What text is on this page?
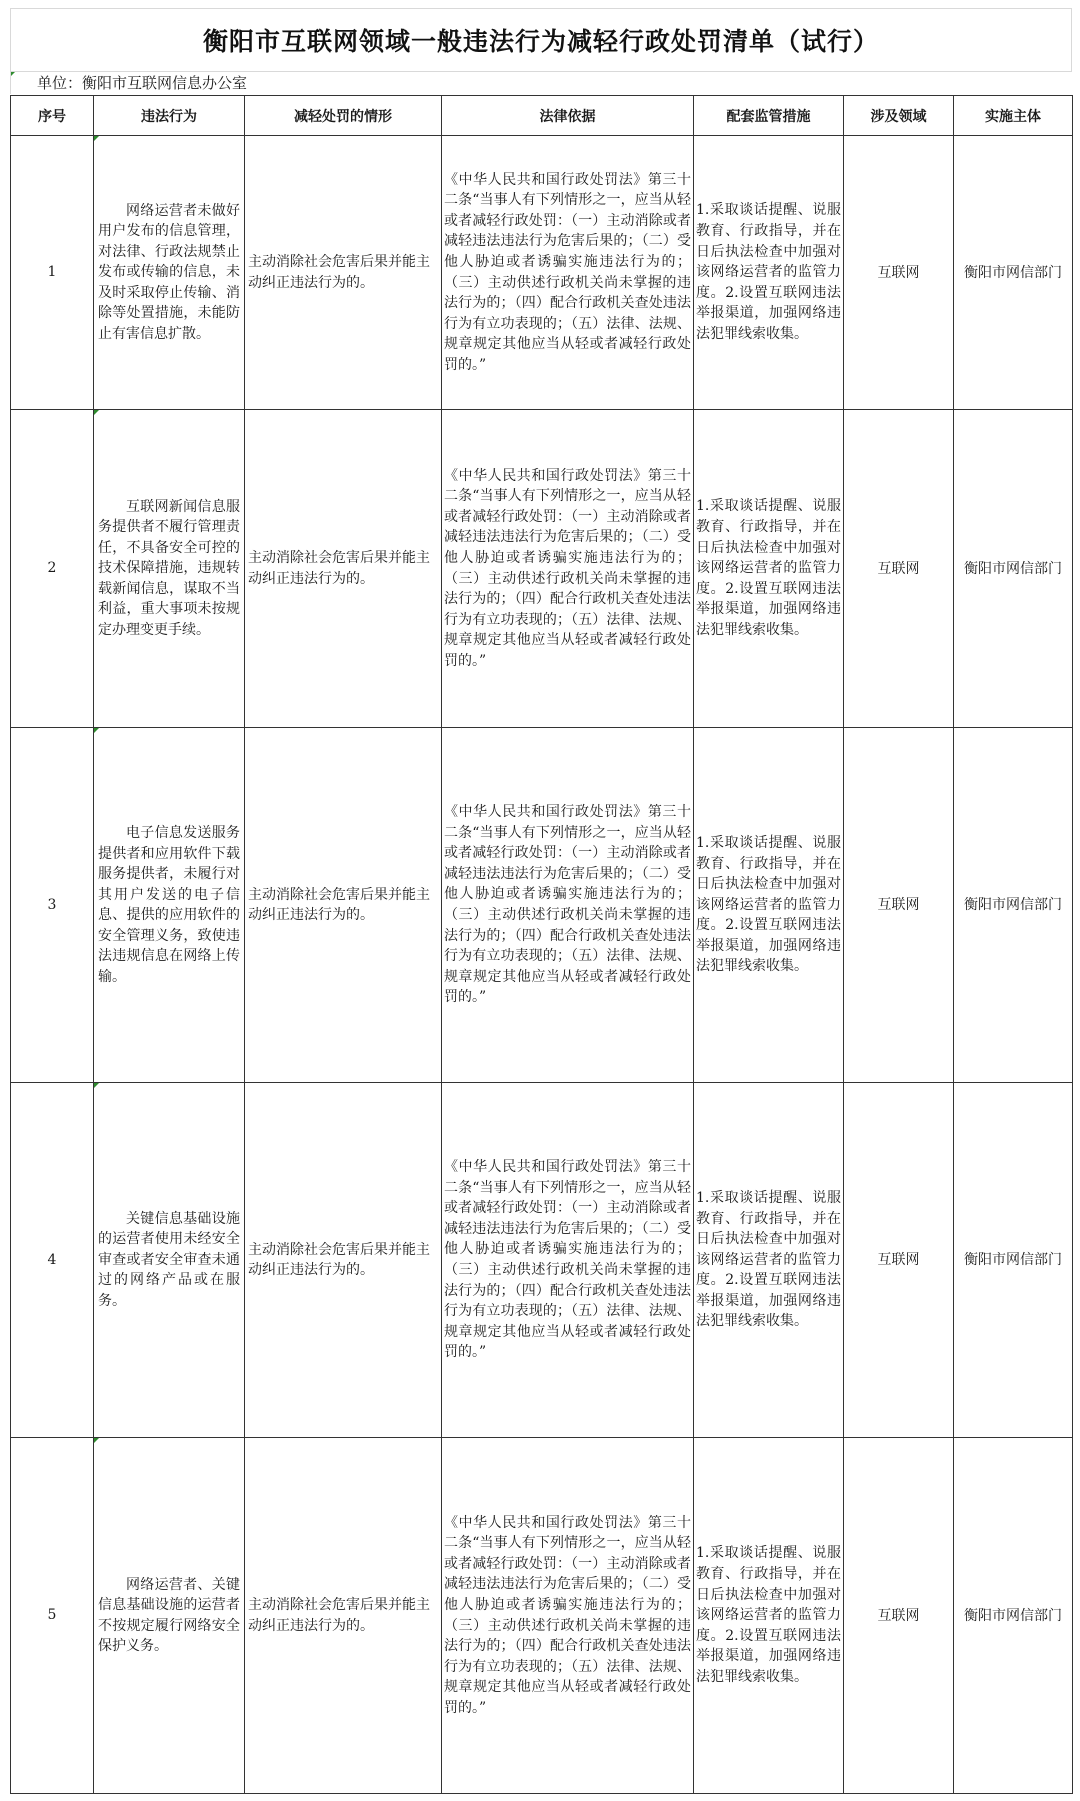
衡阳市互联网领域一般违法行为减轻行政处罚清单（试行）
单位：衡阳市互联网信息办公室
序号	违法行为	减轻处罚的情形	法律依据	配套监管措施	涉及领域	实施主体
1	网络运营者未做好用户发布的信息管理，对法律、行政法规禁止发布或传输的信息，未及时采取停止传输、消除等处置措施，未能防止有害信息扩散。	主动消除社会危害后果并能主动纠正违法行为的。	《中华人民共和国行政处罚法》第三十二条“当事人有下列情形之一，应当从轻或者减轻行政处罚：（一）主动消除或者减轻违法违法行为危害后果的；（二）受他人胁迫或者诱骗实施违法行为的；（三）主动供述行政机关尚未掌握的违法行为的；（四）配合行政机关查处违法行为有立功表现的；（五）法律、法规、规章规定其他应当从轻或者减轻行政处罚的。”	1.采取谈话提醒、说服教育、行政指导，并在日后执法检查中加强对该网络运营者的监管力度。2.设置互联网违法举报渠道，加强网络违法犯罪线索收集。	互联网	衡阳市网信部门
2	互联网新闻信息服务提供者不履行管理责任，不具备安全可控的技术保障措施，违规转载新闻信息，谋取不当利益，重大事项未按规定办理变更手续。	主动消除社会危害后果并能主动纠正违法行为的。	《中华人民共和国行政处罚法》第三十二条“当事人有下列情形之一，应当从轻或者减轻行政处罚：（一）主动消除或者减轻违法违法行为危害后果的；（二）受他人胁迫或者诱骗实施违法行为的；（三）主动供述行政机关尚未掌握的违法行为的；（四）配合行政机关查处违法行为有立功表现的；（五）法律、法规、规章规定其他应当从轻或者减轻行政处罚的。”	1.采取谈话提醒、说服教育、行政指导，并在日后执法检查中加强对该网络运营者的监管力度。2.设置互联网违法举报渠道，加强网络违法犯罪线索收集。	互联网	衡阳市网信部门
3	电子信息发送服务提供者和应用软件下载服务提供者，未履行对其用户发送的电子信息、提供的应用软件的安全管理义务，致使违法违规信息在网络上传输。	主动消除社会危害后果并能主动纠正违法行为的。	《中华人民共和国行政处罚法》第三十二条“当事人有下列情形之一，应当从轻或者减轻行政处罚：（一）主动消除或者减轻违法违法行为危害后果的；（二）受他人胁迫或者诱骗实施违法行为的；（三）主动供述行政机关尚未掌握的违法行为的；（四）配合行政机关查处违法行为有立功表现的；（五）法律、法规、规章规定其他应当从轻或者减轻行政处罚的。”	1.采取谈话提醒、说服教育、行政指导，并在日后执法检查中加强对该网络运营者的监管力度。2.设置互联网违法举报渠道，加强网络违法犯罪线索收集。	互联网	衡阳市网信部门
4	关键信息基础设施的运营者使用未经安全审查或者安全审查未通过的网络产品或在服务。	主动消除社会危害后果并能主动纠正违法行为的。	《中华人民共和国行政处罚法》第三十二条“当事人有下列情形之一，应当从轻或者减轻行政处罚：（一）主动消除或者减轻违法违法行为危害后果的；（二）受他人胁迫或者诱骗实施违法行为的；（三）主动供述行政机关尚未掌握的违法行为的；（四）配合行政机关查处违法行为有立功表现的；（五）法律、法规、规章规定其他应当从轻或者减轻行政处罚的。”	1.采取谈话提醒、说服教育、行政指导，并在日后执法检查中加强对该网络运营者的监管力度。2.设置互联网违法举报渠道，加强网络违法犯罪线索收集。	互联网	衡阳市网信部门
5	网络运营者、关键信息基础设施的运营者不按规定履行网络安全保护义务。	主动消除社会危害后果并能主动纠正违法行为的。	《中华人民共和国行政处罚法》第三十二条“当事人有下列情形之一，应当从轻或者减轻行政处罚：（一）主动消除或者减轻违法违法行为危害后果的；（二）受他人胁迫或者诱骗实施违法行为的；（三）主动供述行政机关尚未掌握的违法行为的；（四）配合行政机关查处违法行为有立功表现的；（五）法律、法规、规章规定其他应当从轻或者减轻行政处罚的。”	1.采取谈话提醒、说服教育、行政指导，并在日后执法检查中加强对该网络运营者的监管力度。2.设置互联网违法举报渠道，加强网络违法犯罪线索收集。	互联网	衡阳市网信部门
